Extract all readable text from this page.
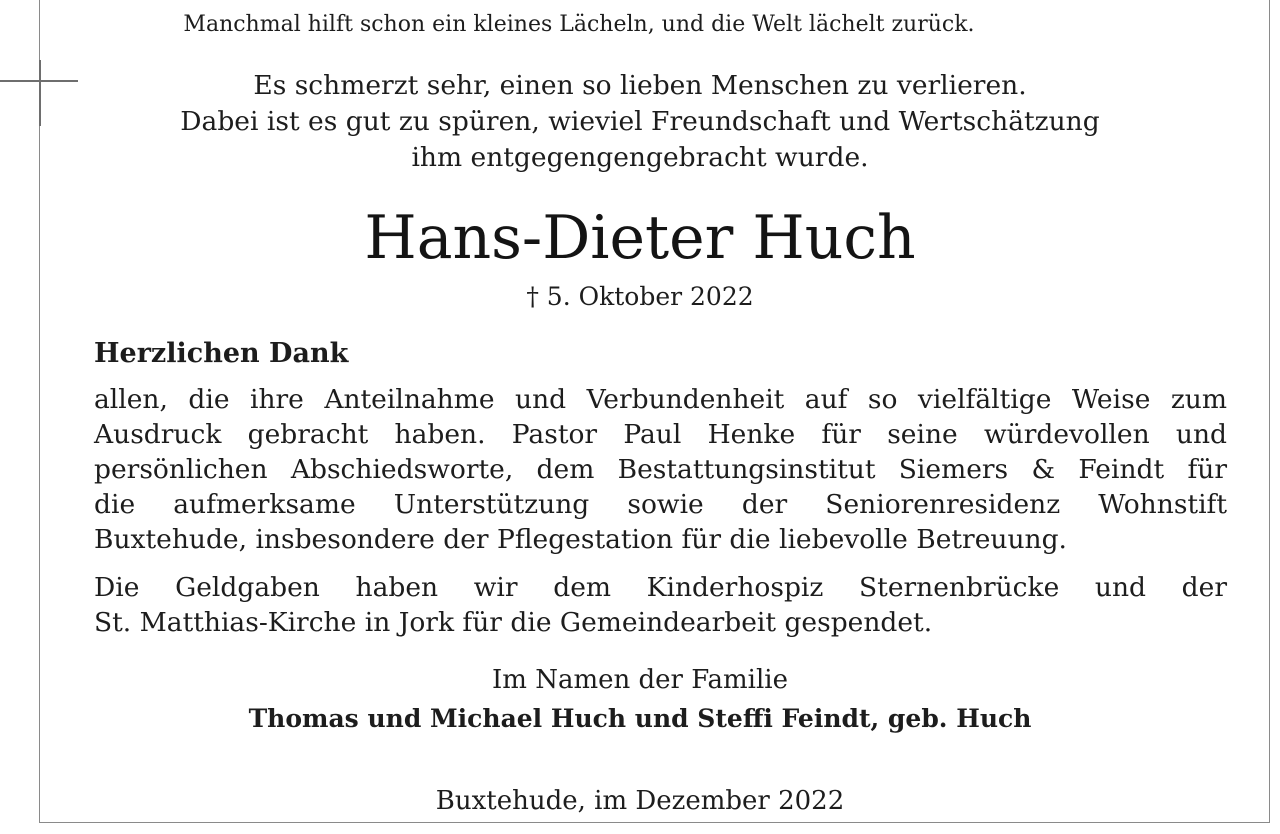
Manchmal hilft schon ein kleines Lächeln, und die Welt lächelt zurück.
Es schmerzt sehr, einen so lieben Menschen zu verlieren.
Dabei ist es gut zu spüren, wieviel Freundschaft und Wertschätzung
ihm entgegengengebracht wurde.
Hans-Dieter Huch
† 5. Oktober 2022
Herzlichen Dank
allen, die ihre Anteilnahme und Verbundenheit auf so vielfältige Weise zum
Ausdruck gebracht haben. Pastor Paul Henke für seine würdevollen und
persönlichen Abschiedsworte, dem Bestattungsinstitut Siemers & Feindt für
die aufmerksame Unterstützung sowie der Seniorenresidenz Wohnstift
Buxtehude, insbesondere der Pflegestation für die liebevolle Betreuung.
Die Geldgaben haben wir dem Kinderhospiz Sternenbrücke und der
St. Matthias-Kirche in Jork für die Gemeindearbeit gespendet.
Im Namen der Familie
Thomas und Michael Huch und Steffi Feindt, geb. Huch
Buxtehude, im Dezember 2022
